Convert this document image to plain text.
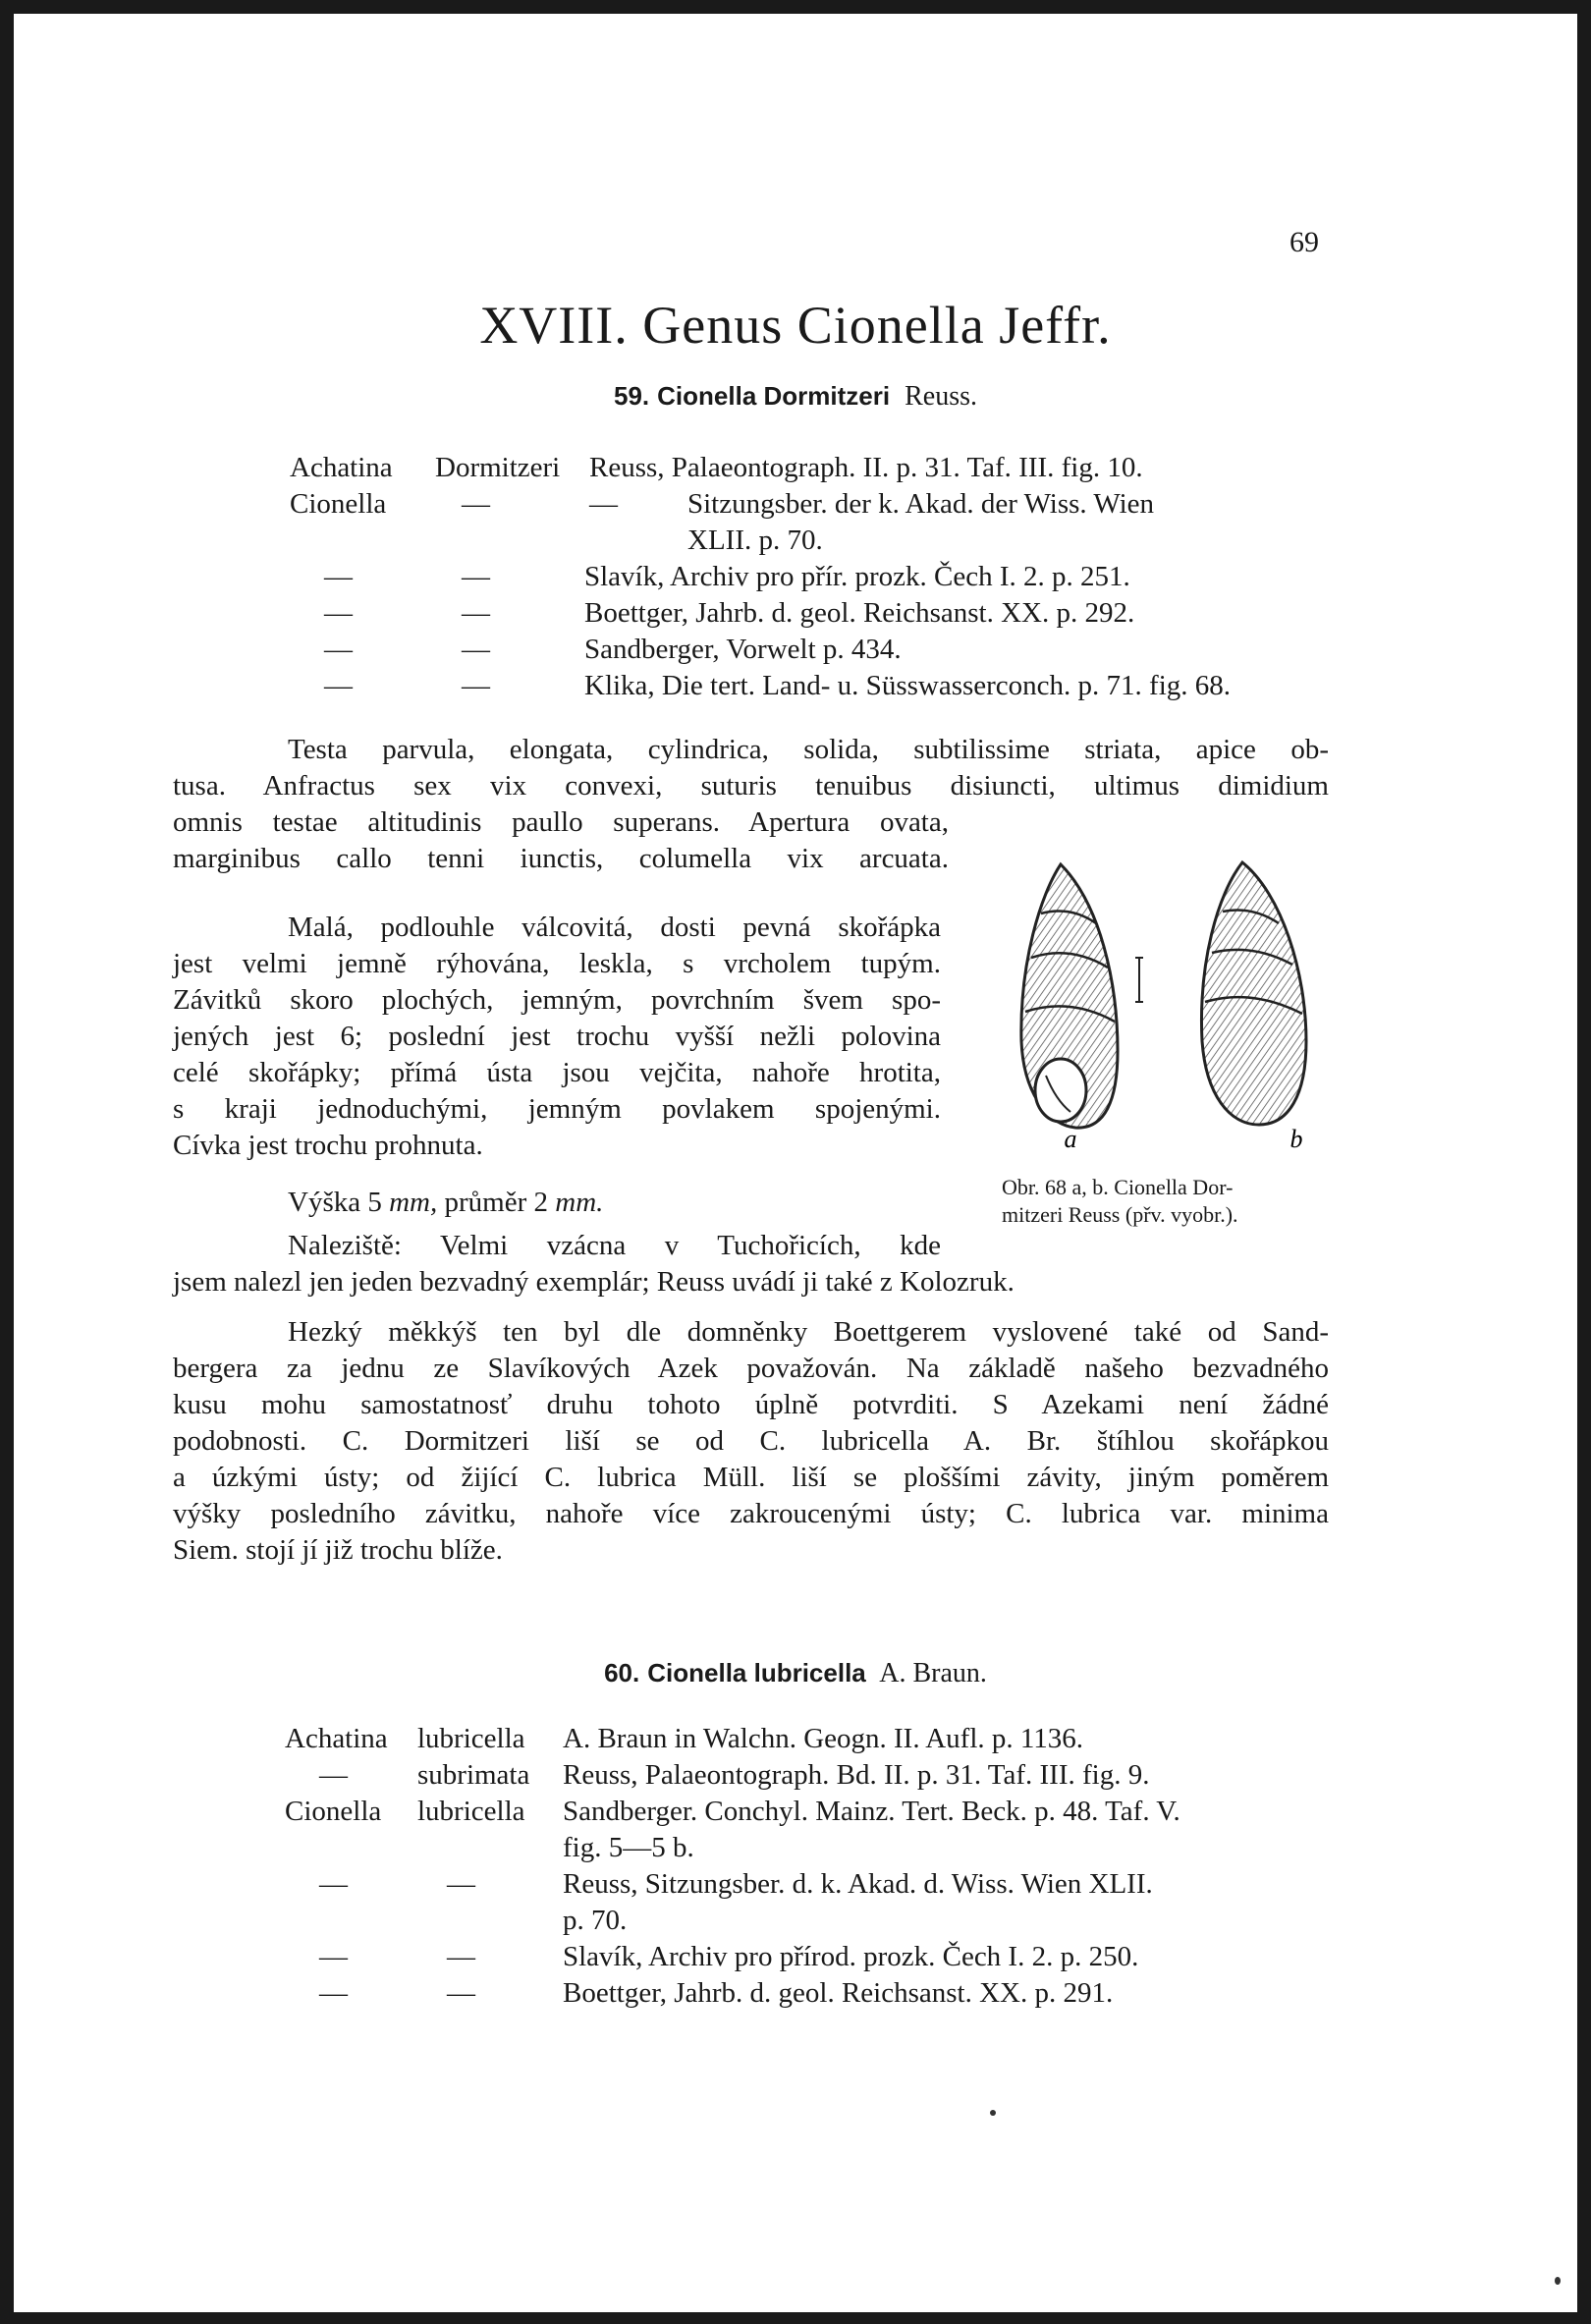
69
XVIII. Genus Cionella Jeffr.
59. Cionella Dormitzeri Reuss.
Achatina Dormitzeri Reuss, Palaeontograph. II. p. 31. Taf. III. fig. 10.
Cionella	—	— Sitzungsber. der k. Akad. der Wiss. Wien
XLII. p. 70.
—	—	Slavík, Archiv pro přír. prozk. Čech I. 2. p. 251.
—	—	Boettger, Jahrb. d. geol. Reichsanst. XX. p. 292.
—	—	Sandberger, Vorwelt p. 434.
—	—	Klika, Die tert. Land- u. Süsswasserconch. p. 71. fig. 68.
Testa parvula, elongata, cylindrica, solida, subtilissime striata, apice ob-
tusa. Anfractus sex vix convexi, suturis tenuibus disiuncti, ultimus dimidium
omnis testae altitudinis paullo superans. Apertura ovata,
marginibus callo tenni iunctis, columella vix arcuata.
Malá, podlouhle válcovitá, dosti pevná skořápka
jest velmi jemně rýhována, leskla, s vrcholem tupým.
Závitků skoro plochých, jemným, povrchním švem spo-
jených jest 6; poslední jest trochu vyšší nežli polovina
celé skořápky; přímá ústa jsou vejčita, nahoře hrotita,
s kraji jednoduchými, jemným povlakem spojenými.
Cívka jest trochu prohnuta.
Výška 5 mm, průměr 2 mm.
Naleziště: Velmi vzácna v Tuchořicích, kde
jsem nalezl jen jeden bezvadný exemplár; Reuss uvádí ji také z Kolozruk.
Hezký měkkýš ten byl dle domněnky Boettgerem vyslovené také od Sand-
bergera za jednu ze Slavíkových Azek považován. Na základě našeho bezvadného
kusu mohu samostatnosť druhu tohoto úplně potvrditi. S Azekami není žádné
podobnosti. C. Dormitzeri liší se od C. lubricella A. Br. štíhlou skořápkou
a úzkými ústy; od žijící C. lubrica Müll. liší se ploššími závity, jiným poměrem
výšky posledního závitku, nahoře více zakroucenými ústy; C. lubrica var. minima
Siem. stojí jí již trochu blíže.
a	b
Obr. 68 a, b. Cionella Dor-
mitzeri Reuss (přv. vyobr.).
60. Cionella lubricella A. Braun.
Achatina lubricella A. Braun in Walchn. Geogn. II. Aufl. p. 1136.
— subrimata Reuss, Palaeontograph. Bd. II. p. 31. Taf. III. fig. 9.
Cionella lubricella Sandberger. Conchyl. Mainz. Tert. Beck. p. 48. Taf. V.
fig. 5—5 b.
—	—	Reuss, Sitzungsber. d. k. Akad. d. Wiss. Wien XLII.
p. 70.
—	—	Slavík, Archiv pro přírod. prozk. Čech I. 2. p. 250.
—	—	Boettger, Jahrb. d. geol. Reichsanst. XX. p. 291.
